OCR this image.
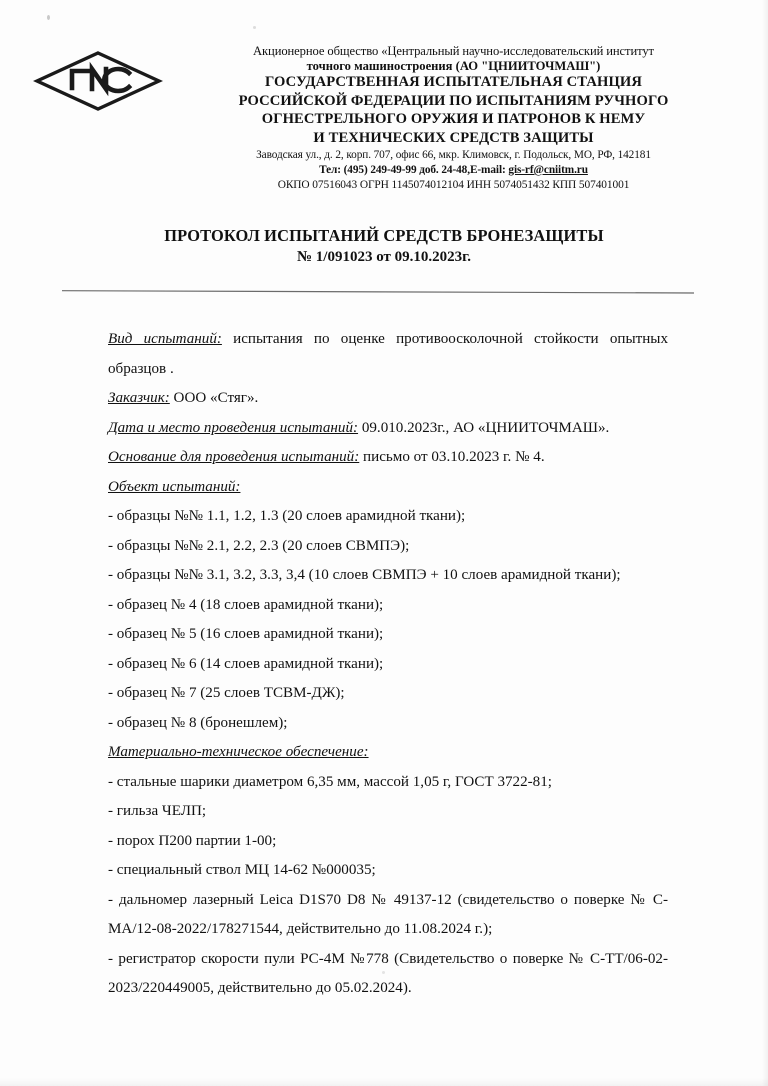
Акционерное общество «Центральный научно-исследовательский институт
точного машиностроения (АО "ЦНИИТОЧМАШ")
ГОСУДАРСТВЕННАЯ ИСПЫТАТЕЛЬНАЯ СТАНЦИЯ
РОССИЙСКОЙ ФЕДЕРАЦИИ ПО ИСПЫТАНИЯМ РУЧНОГО
ОГНЕСТРЕЛЬНОГО ОРУЖИЯ И ПАТРОНОВ К НЕМУ
И ТЕХНИЧЕСКИХ СРЕДСТВ ЗАЩИТЫ
Заводская ул., д. 2, корп. 707, офис 66, мкр. Климовск, г. Подольск, МО, РФ, 142181
Тел: (495) 249-49-99 доб. 24-48,E-mail: gis-rf@cniitm.ru
ОКПО 07516043 ОГРН 1145074012104 ИНН 5074051432 КПП 507401001
ПРОТОКОЛ ИСПЫТАНИЙ СРЕДСТВ БРОНЕЗАЩИТЫ
№ 1/091023 от 09.10.2023г.

Вид испытаний: испытания по оценке противоосколочной стойкости опытных образцов .

Заказчик: ООО «Стяг».

Дата и место проведения испытаний: 09.010.2023г., АО «ЦНИИТОЧМАШ».

Основание для проведения испытаний: письмо от 03.10.2023 г. № 4.

Объект испытаний:

- образцы №№ 1.1, 1.2, 1.3 (20 слоев арамидной ткани);

- образцы №№ 2.1, 2.2, 2.3 (20 слоев СВМПЭ);

- образцы №№ 3.1, 3.2, 3.3, 3,4 (10 слоев СВМПЭ + 10 слоев арамидной ткани);

- образец № 4 (18 слоев арамидной ткани);

- образец № 5 (16 слоев арамидной ткани);

- образец № 6 (14 слоев арамидной ткани);

- образец № 7 (25 слоев ТСВМ-ДЖ);

- образец № 8 (бронешлем);

Материально-техническое обеспечение:

- стальные шарики диаметром 6,35 мм, массой 1,05 г, ГОСТ 3722-81;

- гильза ЧЕЛП;

- порох П200 партии 1-00;

- специальный ствол МЦ 14-62 №000035;

- дальномер лазерный Leica D1S70 D8 № 49137-12 (свидетельство о поверке № С-МА/12-08-2022/178271544, действительно до 11.08.2024 г.);

- регистратор скорости пули РС-4М №778 (Свидетельство о поверке № С-ТТ/06-02-2023/220449005, действительно до 05.02.2024).
